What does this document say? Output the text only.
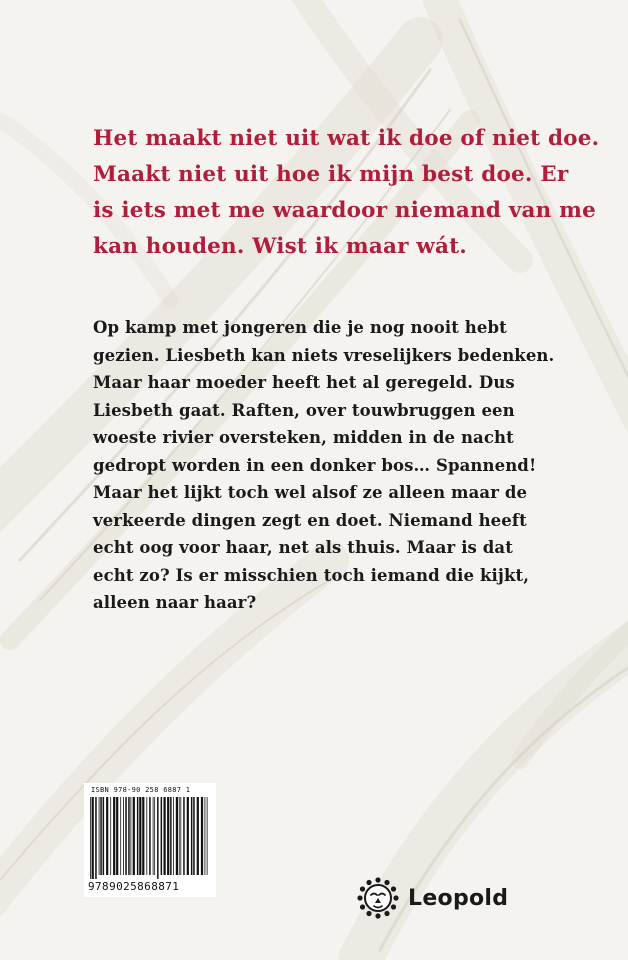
Het maakt niet uit wat ik doe of niet doe.
Maakt niet uit hoe ik mijn best doe. Er
is iets met me waardoor niemand van me
kan houden. Wist ik maar wát.
Op kamp met jongeren die je nog nooit hebt
gezien. Liesbeth kan niets vreselijkers bedenken.
Maar haar moeder heeft het al geregeld. Dus
Liesbeth gaat. Raften, over touwbruggen een
woeste rivier oversteken, midden in de nacht
gedropt worden in een donker bos… Spannend!
Maar het lijkt toch wel alsof ze alleen maar de
verkeerde dingen zegt en doet. Niemand heeft
echt oog voor haar, net als thuis. Maar is dat
echt zo? Is er misschien toch iemand die kijkt,
alleen naar haar?
ISBN 978-90 258 6887 1
9789025868871	Leopold
